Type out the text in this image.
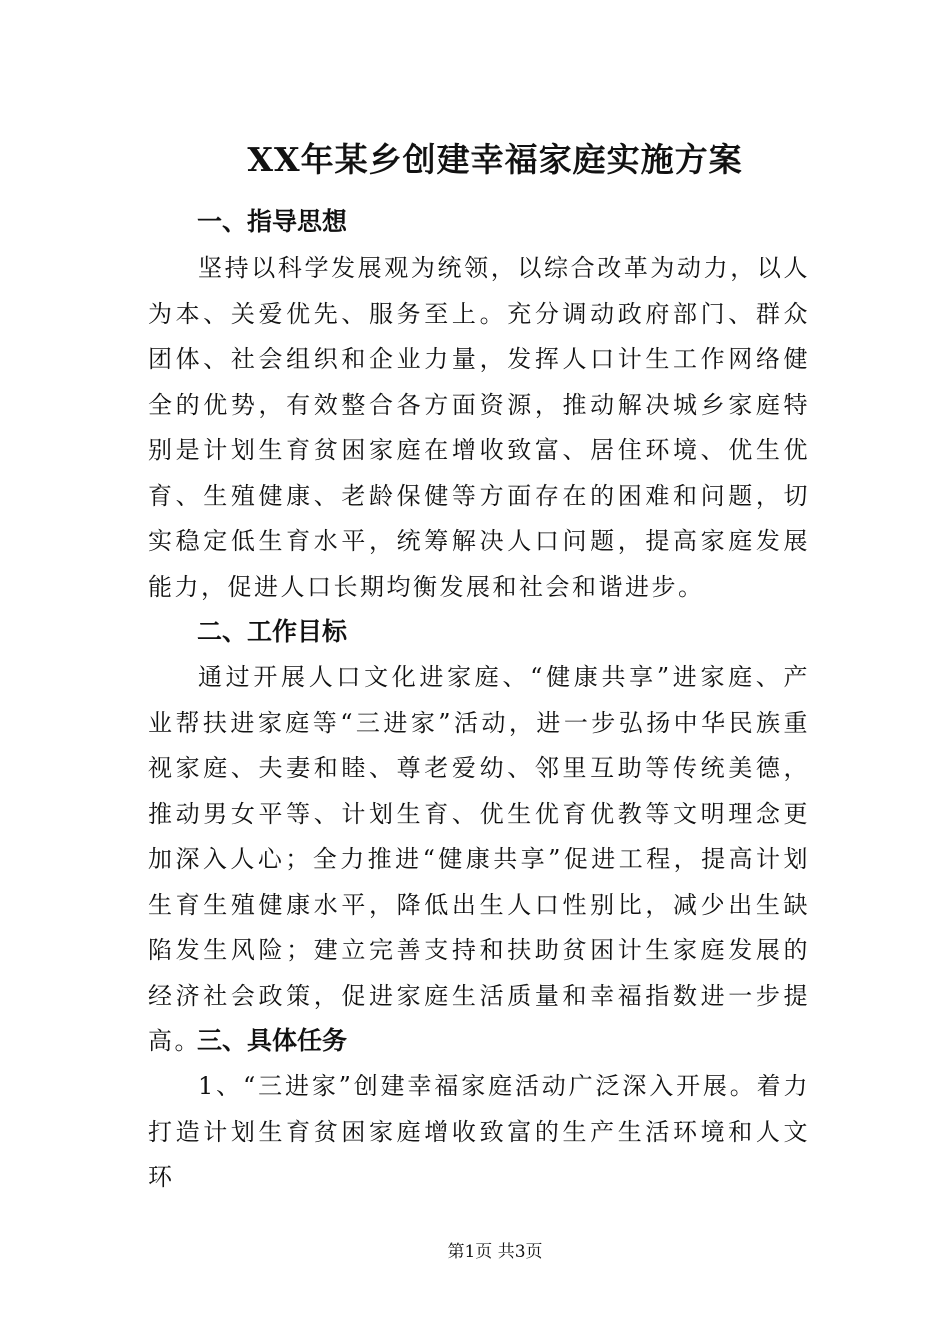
XX年某乡创建幸福家庭实施方案
一、指导思想
坚持以科学发展观为统领，以综合改革为动力，以人为本、关爱优先、服务至上。充分调动政府部门、群众团体、社会组织和企业力量，发挥人口计生工作网络健全的优势，有效整合各方面资源，推动解决城乡家庭特别是计划生育贫困家庭在增收致富、居住环境、优生优育、生殖健康、老龄保健等方面存在的困难和问题，切实稳定低生育水平，统筹解决人口问题，提高家庭发展能力，促进人口长期均衡发展和社会和谐进步。
二、工作目标
通过开展人口文化进家庭、“健康共享”进家庭、产业帮扶进家庭等“三进家”活动，进一步弘扬中华民族重视家庭、夫妻和睦、尊老爱幼、邻里互助等传统美德，推动男女平等、计划生育、优生优育优教等文明理念更加深入人心；全力推进“健康共享”促进工程，提高计划生育生殖健康水平，降低出生人口性别比，减少出生缺陷发生风险；建立完善支持和扶助贫困计生家庭发展的经济社会政策，促进家庭生活质量和幸福指数进一步提高。
三、具体任务
1、“三进家”创建幸福家庭活动广泛深入开展。着力打造计划生育贫困家庭增收致富的生产生活环境和人文环
第1页 共3页
